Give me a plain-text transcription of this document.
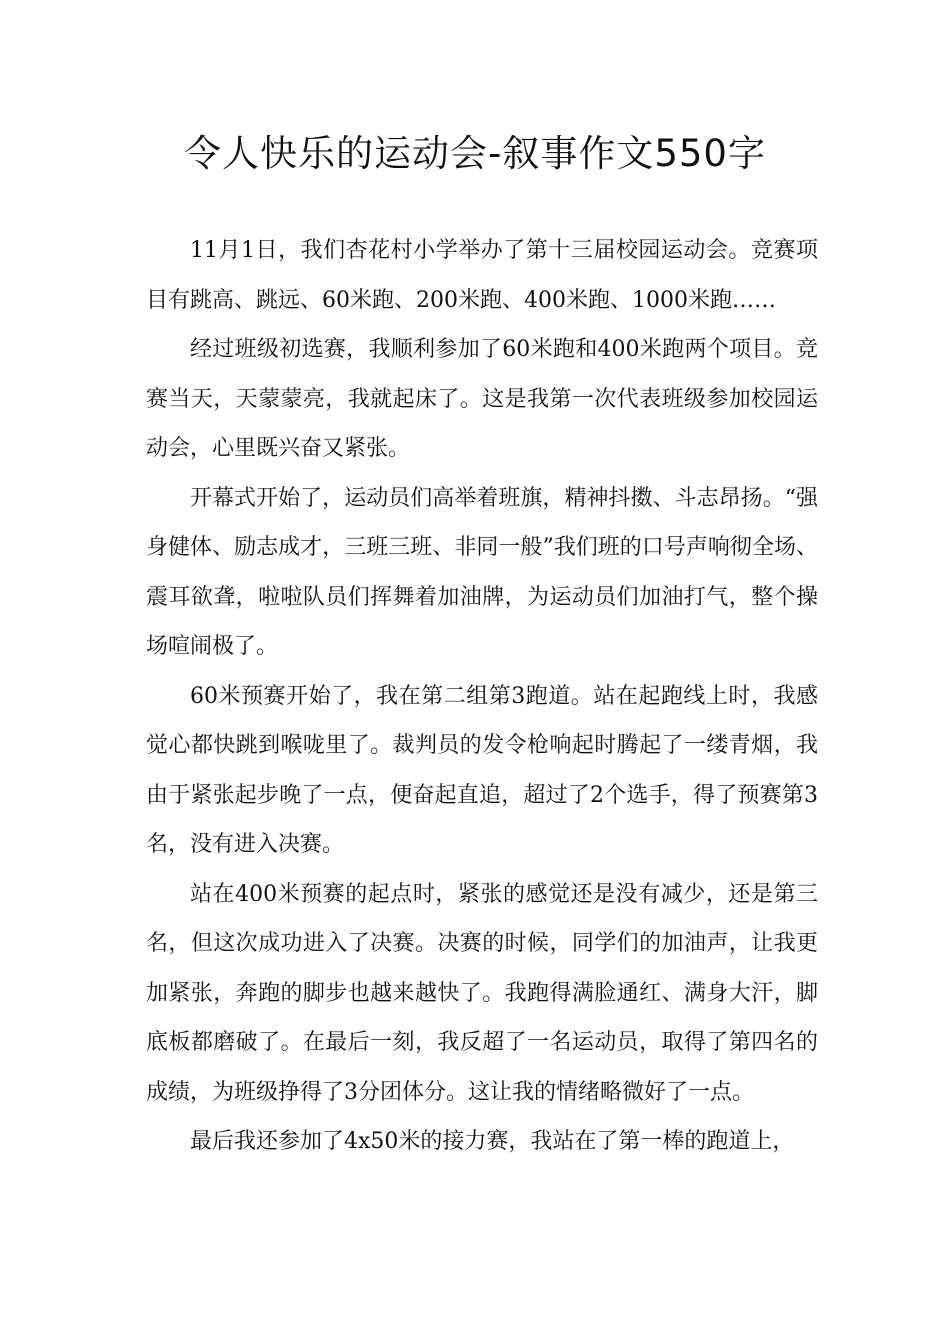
令人快乐的运动会-叙事作文550字

11月1日，我们杏花村小学举办了第十三届校园运动会。竞赛项目有跳高、跳远、60米跑、200米跑、400米跑、1000米跑……

经过班级初选赛，我顺利参加了60米跑和400米跑两个项目。竞赛当天，天蒙蒙亮，我就起床了。这是我第一次代表班级参加校园运动会，心里既兴奋又紧张。

开幕式开始了，运动员们高举着班旗，精神抖擞、斗志昂扬。“强身健体、励志成才，三班三班、非同一般”我们班的口号声响彻全场、震耳欲聋，啦啦队员们挥舞着加油牌，为运动员们加油打气，整个操场喧闹极了。

60米预赛开始了，我在第二组第3跑道。站在起跑线上时，我感觉心都快跳到喉咙里了。裁判员的发令枪响起时腾起了一缕青烟，我由于紧张起步晚了一点，便奋起直追，超过了2个选手，得了预赛第3名，没有进入决赛。

站在400米预赛的起点时，紧张的感觉还是没有减少，还是第三名，但这次成功进入了决赛。决赛的时候，同学们的加油声，让我更加紧张，奔跑的脚步也越来越快了。我跑得满脸通红、满身大汗，脚底板都磨破了。在最后一刻，我反超了一名运动员，取得了第四名的成绩，为班级挣得了3分团体分。这让我的情绪略微好了一点。

最后我还参加了4x50米的接力赛，我站在了第一棒的跑道上，
